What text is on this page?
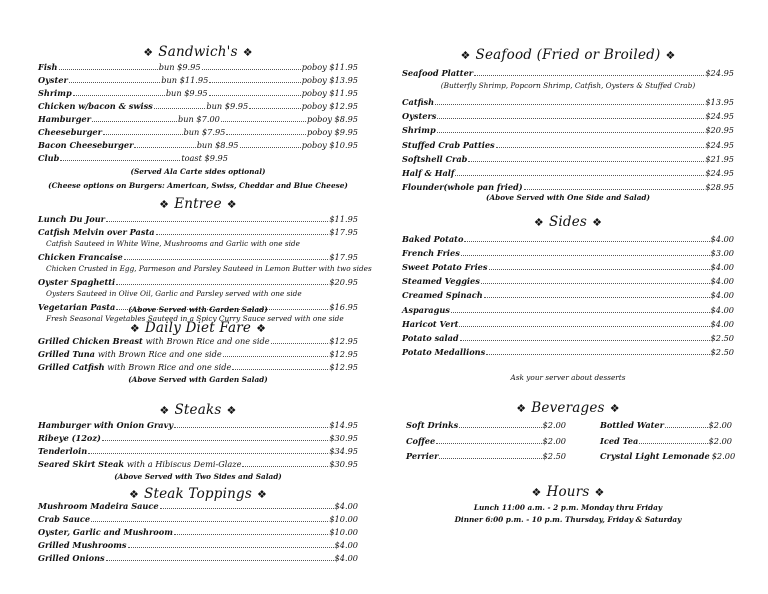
❖ Sandwich's ❖
Fish	bun $9.95	poboy $11.95
Oyster	bun $11.95	poboy $13.95
Shrimp	bun $9.95	poboy $11.95
Chicken w/bacon & swiss	bun $9.95	poboy $12.95
Hamburger	bun $7.00	poboy $8.95
Cheeseburger	bun $7.95	poboy $9.95
Bacon Cheeseburger	bun $8.95	poboy $10.95
Club	toast $9.95
(Served Ala Carte sides optional)
(Cheese options on Burgers: American, Swiss, Cheddar and Blue Cheese)
❖ Entree ❖
Lunch Du Jour	$11.95
Catfish Melvin over Pasta	$17.95
Catfish Sauteed in White Wine, Mushrooms and Garlic with one side
Chicken Francaise	$17.95
Chicken Crusted in Egg, Parmeson and Parsley Sauteed in Lemon Butter with two sides
Oyster Spaghetti	$20.95
Oysters Sauteed in Olive Oil, Garlic and Parsley served with one side
Vegetarian Pasta	$16.95
Fresh Seasonal Vegetables Sauteed in a Spicy Curry Sauce served with one side
(Above Served with Garden Salad)
❖ Daily Diet Fare ❖
Grilled Chicken Breast with Brown Rice and one side	$12.95
Grilled Tuna with Brown Rice and one side	$12.95
Grilled Catfish with Brown Rice and one side	$12.95
(Above Served with Garden Salad)
❖ Steaks ❖
Hamburger with Onion Gravy	$14.95
Ribeye (12oz)	$30.95
Tenderloin	$34.95
Seared Skirt Steak with a Hibiscus Demi-Glaze	$30.95
(Above Served with Two Sides and Salad)
❖ Steak Toppings ❖
Mushroom Madeira Sauce	$4.00
Crab Sauce	$10.00
Oyster, Garlic and Mushroom	$10.00
Grilled Mushrooms	$4.00
Grilled Onions	$4.00
❖ Seafood (Fried or Broiled) ❖
Seafood Platter	$24.95
(Butterfly Shrimp, Popcorn Shrimp, Catfish, Oysters & Stuffed Crab)
Catfish	$13.95
Oysters	$24.95
Shrimp	$20.95
Stuffed Crab Patties	$24.95
Softshell Crab	$21.95
Half & Half	$24.95
Flounder(whole pan fried)	$28.95
(Above Served with One Side and Salad)
❖ Sides ❖
Baked Potato	$4.00
French Fries	$3.00
Sweet Potato Fries	$4.00
Steamed Veggies	$4.00
Creamed Spinach	$4.00
Asparagus	$4.00
Haricot Vert	$4.00
Potato salad	$2.50
Potato Medallions	$2.50
Ask your server about desserts
❖ Beverages ❖
Soft Drinks	$2.00
Coffee	$2.00
Perrier	$2.50
Bottled Water	$2.00
Iced Tea	$2.00
Crystal Light Lemonade $2.00
❖ Hours ❖
Lunch 11:00 a.m. - 2 p.m. Monday thru Friday
Dinner 6:00 p.m. - 10 p.m. Thursday, Friday & Saturday
